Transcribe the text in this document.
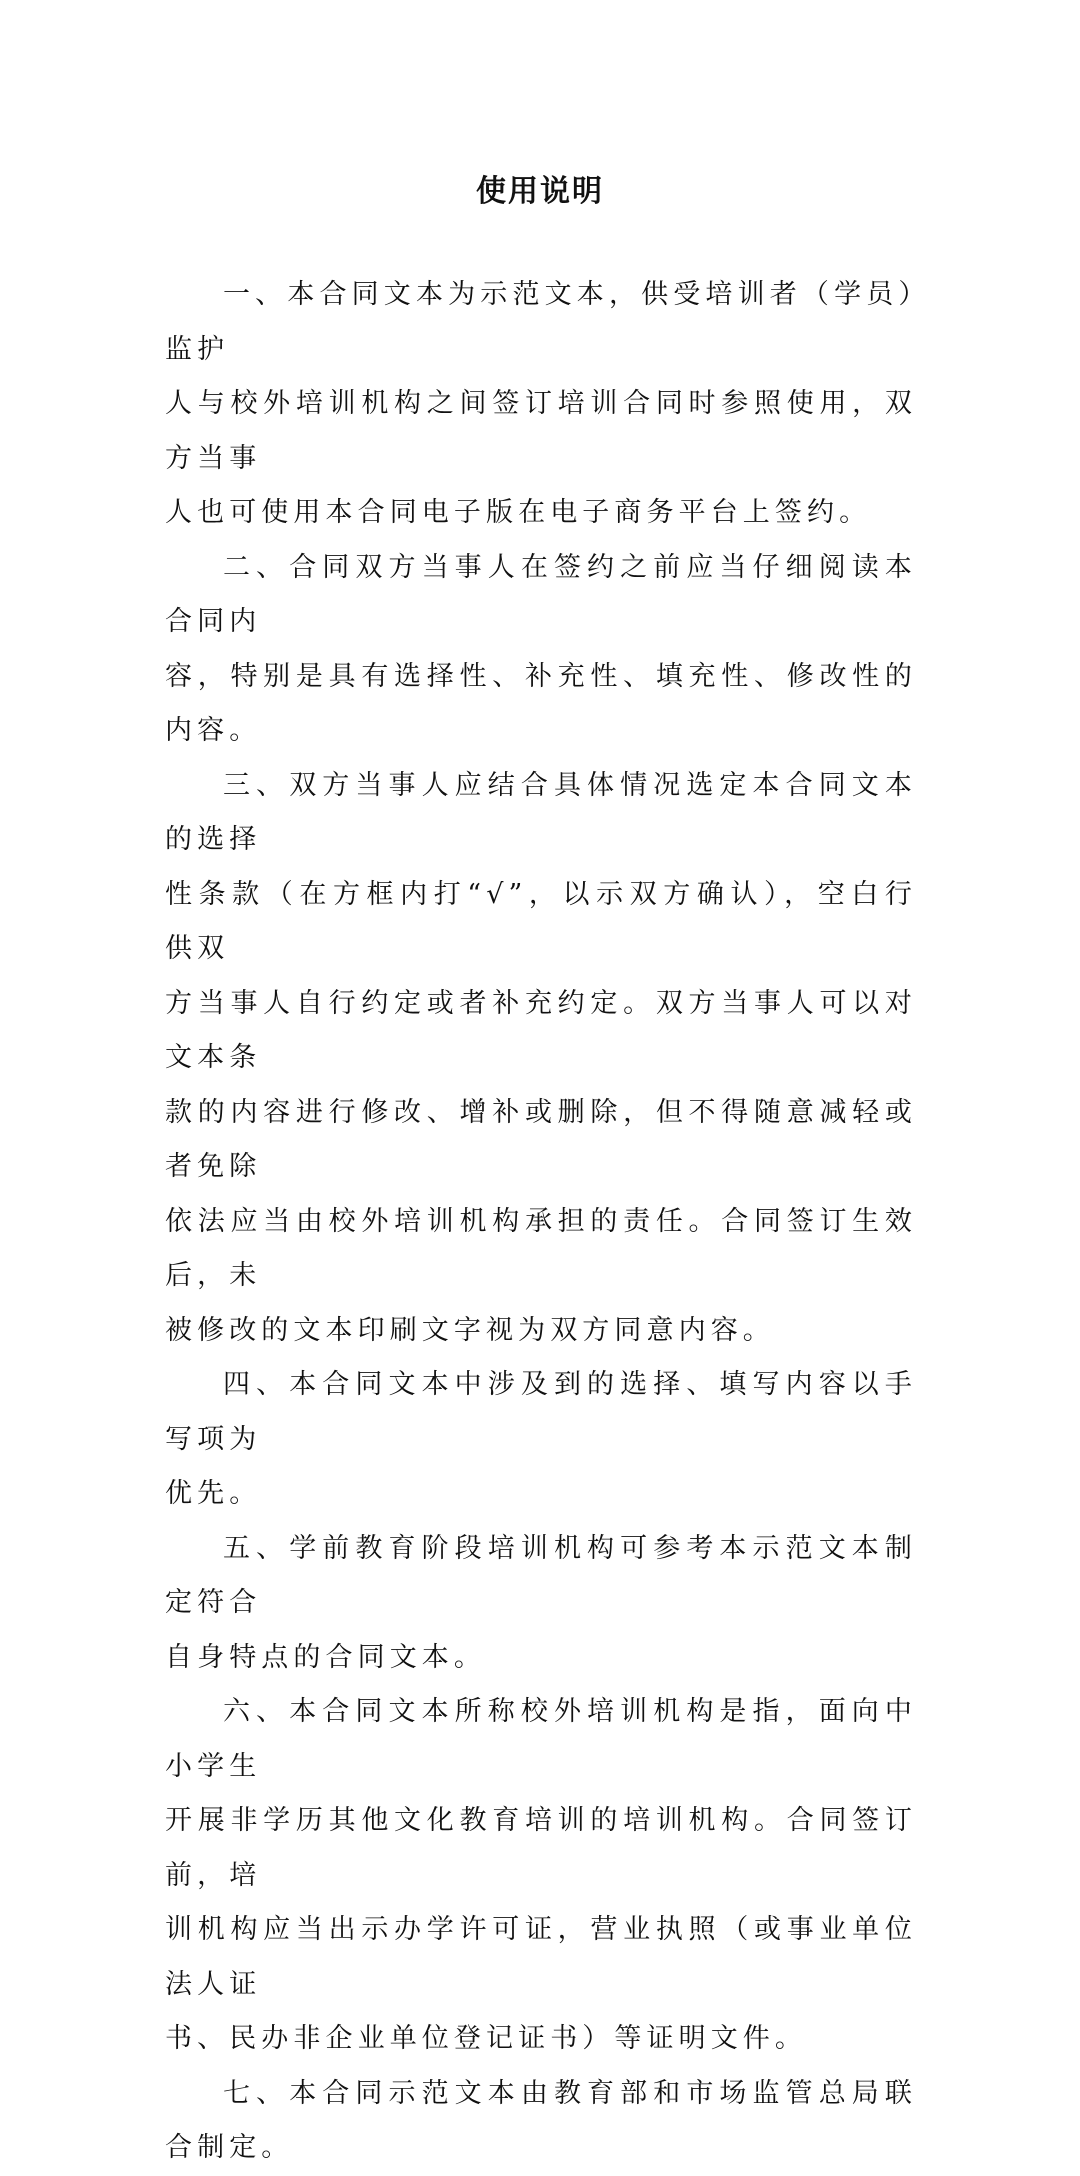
使用说明
一、本合同文本为示范文本，供受培训者（学员）监护
人与校外培训机构之间签订培训合同时参照使用，双方当事
人也可使用本合同电子版在电子商务平台上签约。
二、合同双方当事人在签约之前应当仔细阅读本合同内
容，特别是具有选择性、补充性、填充性、修改性的内容。
三、双方当事人应结合具体情况选定本合同文本的选择
性条款（在方框内打“√”，以示双方确认），空白行供双
方当事人自行约定或者补充约定。双方当事人可以对文本条
款的内容进行修改、增补或删除，但不得随意减轻或者免除
依法应当由校外培训机构承担的责任。合同签订生效后，未
被修改的文本印刷文字视为双方同意内容。
四、本合同文本中涉及到的选择、填写内容以手写项为
优先。
五、学前教育阶段培训机构可参考本示范文本制定符合
自身特点的合同文本。
六、本合同文本所称校外培训机构是指，面向中小学生
开展非学历其他文化教育培训的培训机构。合同签订前，培
训机构应当出示办学许可证，营业执照（或事业单位法人证
书、民办非企业单位登记证书）等证明文件。
七、本合同示范文本由教育部和市场监管总局联合制定。
